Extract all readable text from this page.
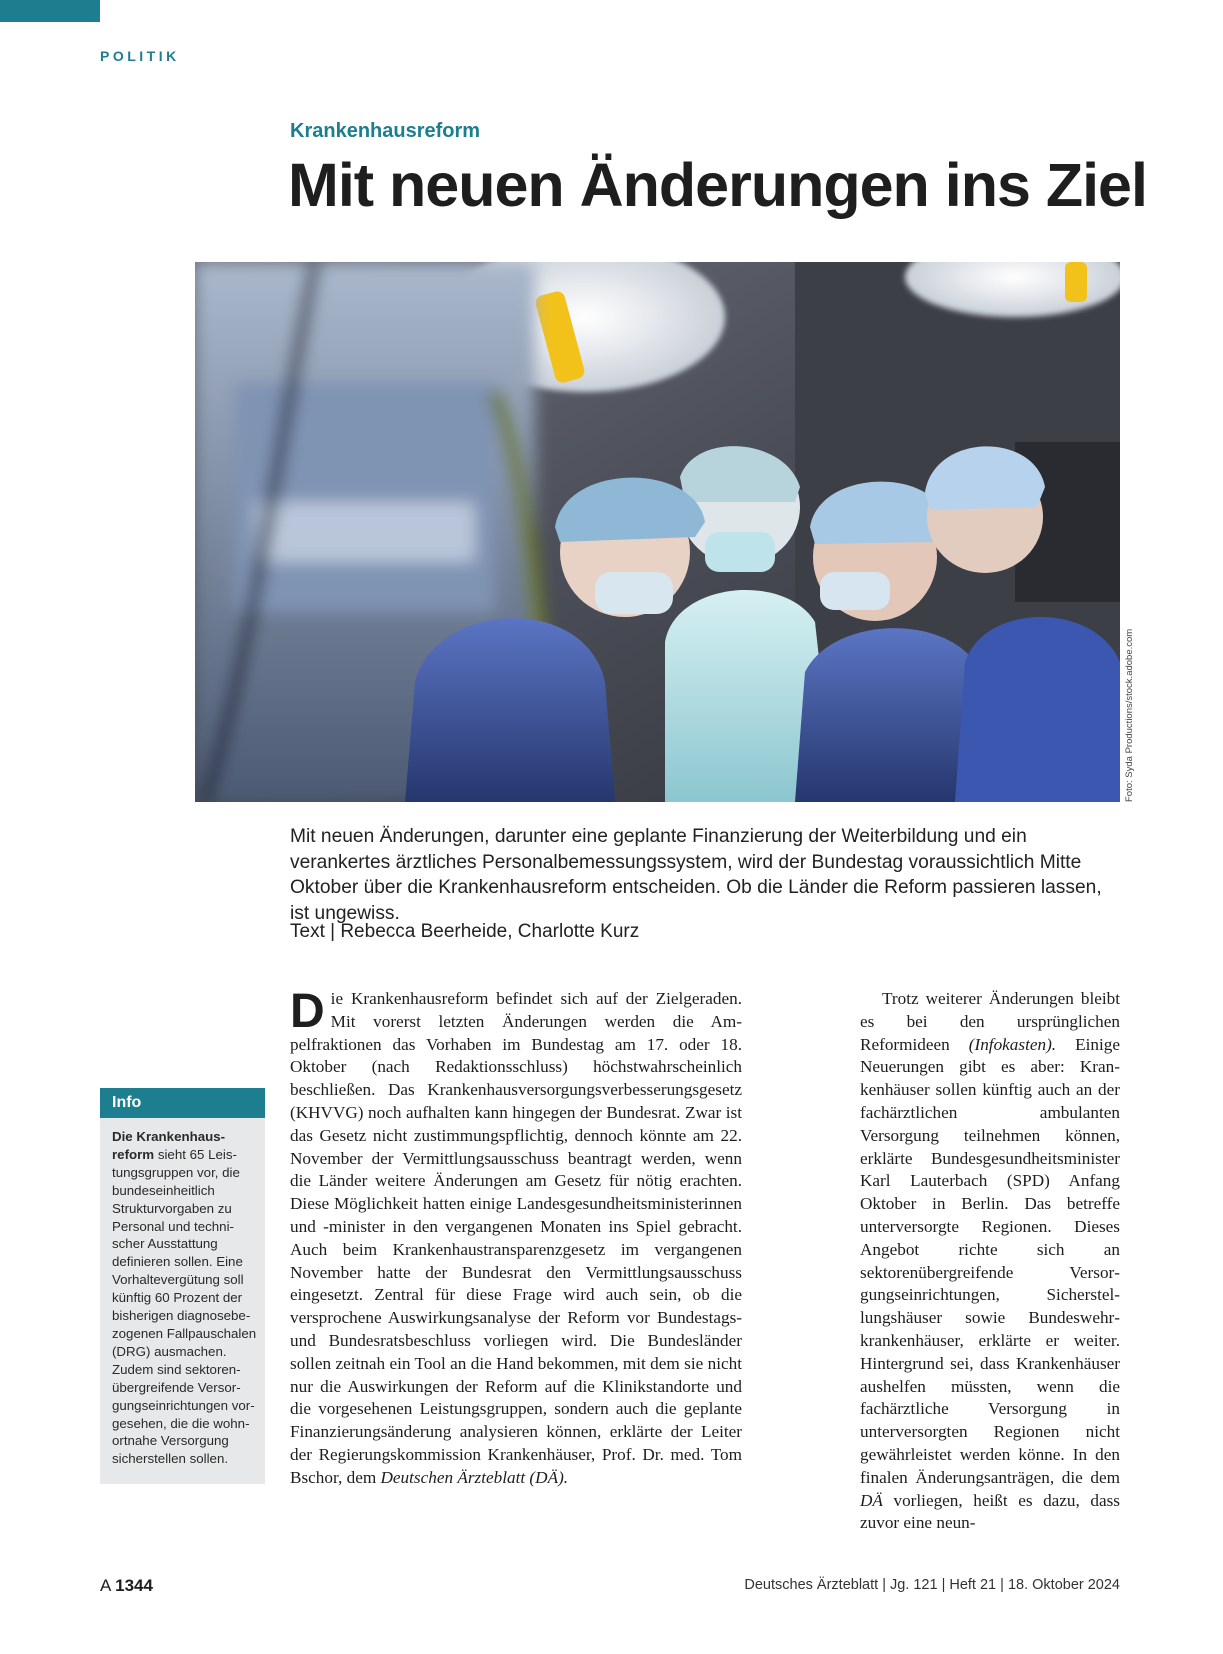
POLITIK
Krankenhausreform
Mit neuen Änderungen ins Ziel
Foto: Syda Productions/stock.adobe.com

Mit neuen Änderungen, darunter eine geplante Finanzierung der Weiterbildung und ein verankertes ärztliches Personalbemessungssystem, wird der Bundestag voraussichtlich Mitte Oktober über die Krankenhausreform entscheiden. Ob die Länder die Reform passieren lassen, ist ungewiss.

Text | Rebecca Beerheide, Charlotte Kurz
Info
Die Krankenhausreform sieht 65 Leistungsgruppen vor, die bundeseinheitlich Strukturvorgaben zu Personal und technischer Ausstattung definieren sollen. Eine Vorhaltevergütung soll künftig 60 Prozent der bisherigen diagnosebezogenen Fallpauschalen (DRG) ausmachen. Zudem sind sektorenübergreifende Versorgungseinrichtungen vorgesehen, die die wohnortnahe Versorgung sicherstellen sollen.

Die Krankenhausreform befindet sich auf der Zielgeraden. Mit vorerst letzten Änderungen werden die Ampelfraktionen das Vorhaben im Bundestag am 17. oder 18. Oktober (nach Redaktionsschluss) höchstwahrscheinlich beschließen. Das Krankenhausversorgungsverbesserungsgesetz (KHVVG) noch aufhalten kann hingegen der Bundesrat. Zwar ist das Gesetz nicht zustimmungspflichtig, dennoch könnte am 22. November der Vermittlungsausschuss beantragt werden, wenn die Länder weitere Änderungen am Gesetz für nötig erachten. Diese Möglichkeit hatten einige Landesgesundheitsministerinnen und -minister in den vergangenen Monaten ins Spiel gebracht. Auch beim Krankenhaustransparenzgesetz im vergangenen November hatte der Bundesrat den Vermittlungsausschuss eingesetzt. Zentral für diese Frage wird auch sein, ob die versprochene Auswirkungsanalyse der Reform vor Bundestags- und Bundesratsbeschluss vorliegen wird. Die Bundesländer sollen zeitnah ein Tool an die Hand bekommen, mit dem sie nicht nur die Auswirkungen der Reform auf die Klinikstandorte und die vorgesehenen Leistungsgruppen, sondern auch die geplante Finanzierungsänderung analysieren können, erklärte der Leiter der Regierungskommission Krankenhäuser, Prof. Dr. med. Tom Bschor, dem Deutschen Ärzteblatt (DÄ).

Trotz weiterer Änderungen bleibt es bei den ursprünglichen Reformideen (Infokasten). Einige Neuerungen gibt es aber: Krankenhäuser sollen künftig auch an der fachärztlichen ambulanten Versorgung teilnehmen können, erklärte Bundesgesundheitsminister Karl Lauterbach (SPD) Anfang Oktober in Berlin. Das betreffe unterversorgte Regionen. Dieses Angebot richte sich an sektorenübergreifende Versorgungseinrichtungen, Sicherstellungshäuser sowie Bundeswehrkrankenhäuser, erklärte er weiter. Hintergrund sei, dass Krankenhäuser aushelfen müssten, wenn die fachärztliche Versorgung in unterversorgten Regionen nicht gewährleistet werden könne. In den finalen Änderungsanträgen, die dem DÄ vorliegen, heißt es dazu, dass zuvor eine neun-

A 1344	Deutsches Ärzteblatt | Jg. 121 | Heft 21 | 18. Oktober 2024
